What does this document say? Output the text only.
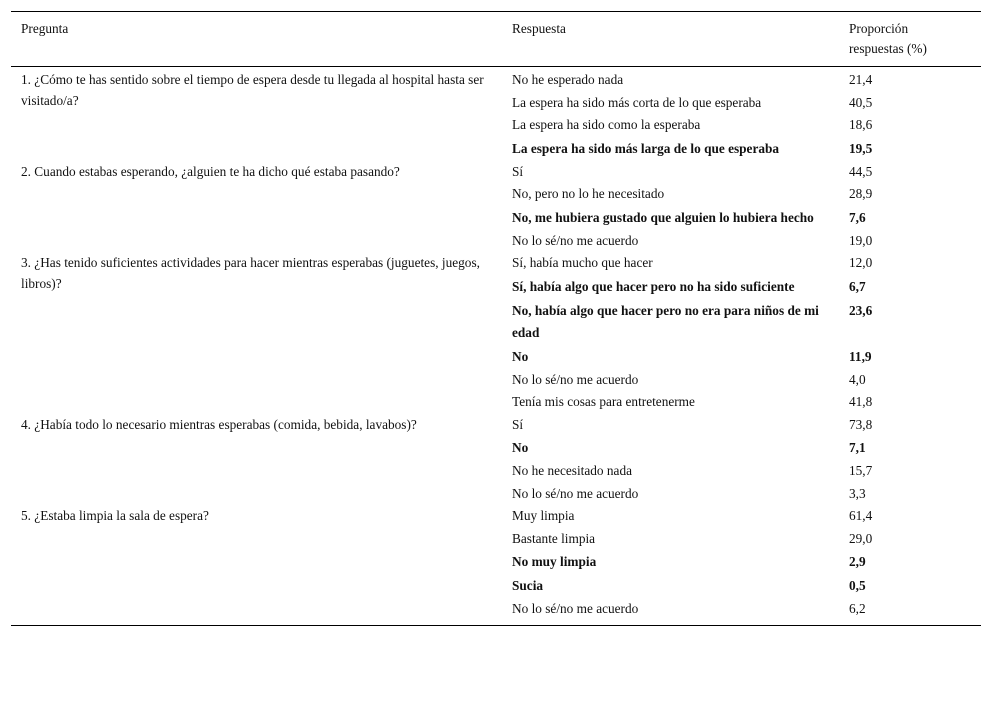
Pregunta	Respuesta	Proporción
respuestas (%)
1. ¿Cómo te has sentido sobre el tiempo de espera desde tu llegada al hospital hasta ser visitado/a?	No he esperado nada	21,4
	La espera ha sido más corta de lo que esperaba	40,5
	La espera ha sido como la esperaba	18,6
	La espera ha sido más larga de lo que esperaba	19,5
2. Cuando estabas esperando, ¿alguien te ha dicho qué estaba pasando?	Sí	44,5
	No, pero no lo he necesitado	28,9
	No, me hubiera gustado que alguien lo hubiera hecho	7,6
	No lo sé/no me acuerdo	19,0
3. ¿Has tenido suficientes actividades para hacer mientras esperabas (juguetes, juegos, libros)?	Sí, había mucho que hacer	12,0
	Sí, había algo que hacer pero no ha sido suficiente	6,7
	No, había algo que hacer pero no era para niños de mi edad	23,6
	No	11,9
	No lo sé/no me acuerdo	4,0
	Tenía mis cosas para entretenerme	41,8
4. ¿Había todo lo necesario mientras esperabas (comida, bebida, lavabos)?	Sí	73,8
	No	7,1
	No he necesitado nada	15,7
	No lo sé/no me acuerdo	3,3
5. ¿Estaba limpia la sala de espera?	Muy limpia	61,4
	Bastante limpia	29,0
	No muy limpia	2,9
	Sucia	0,5
	No lo sé/no me acuerdo	6,2
